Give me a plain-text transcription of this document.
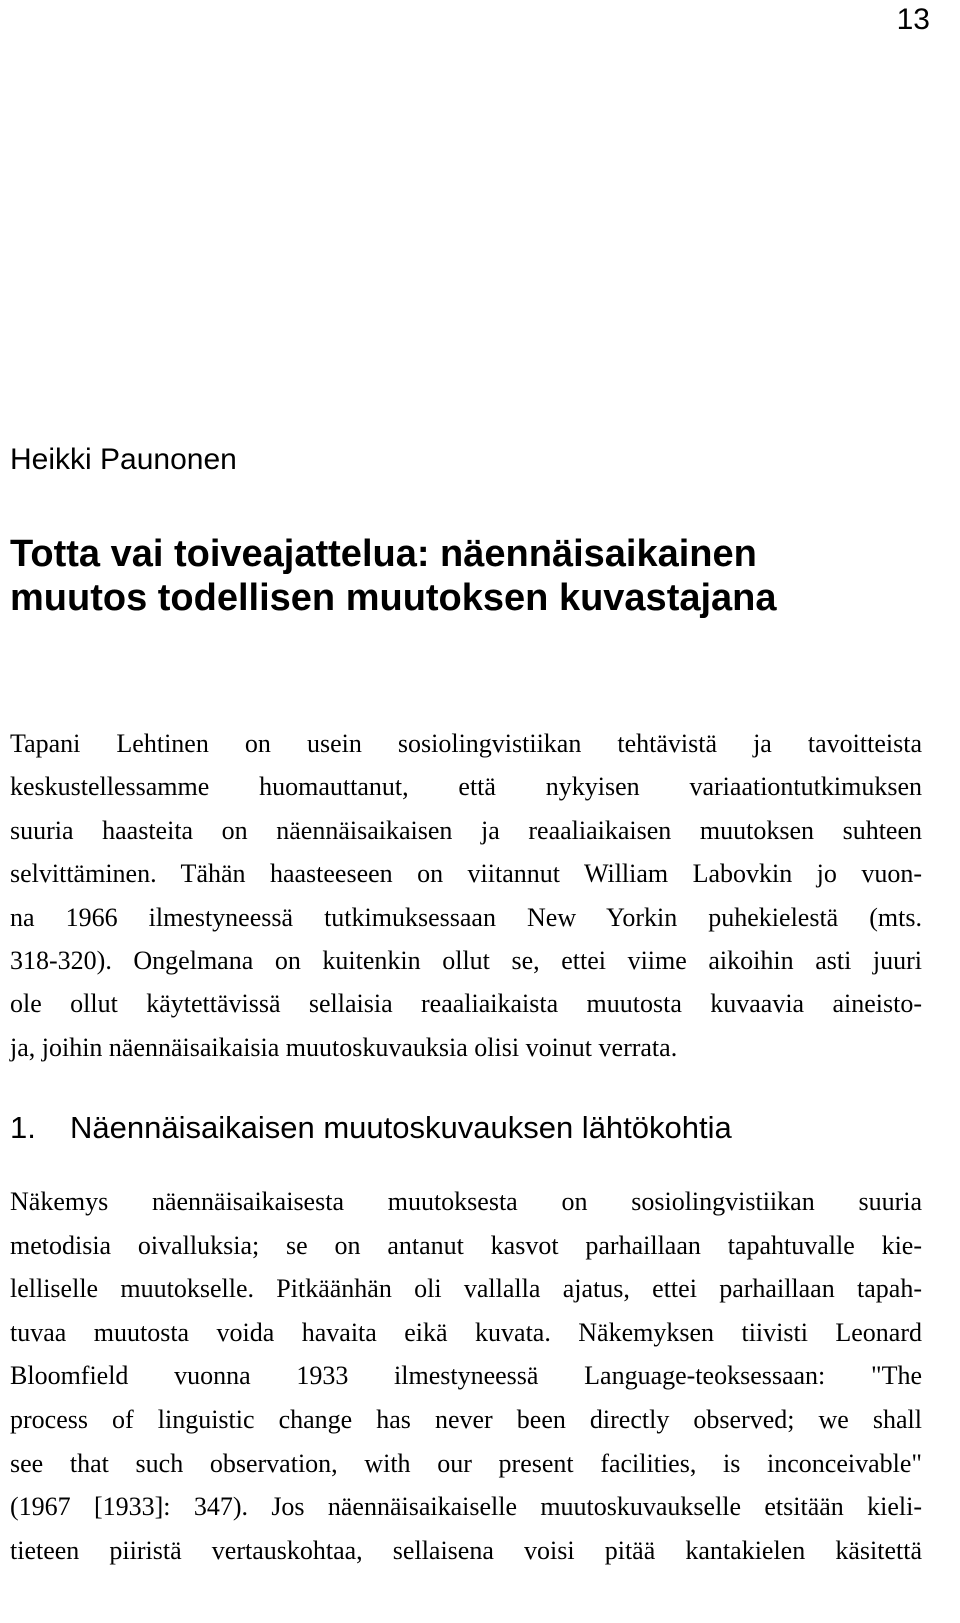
13
Heikki Paunonen
Totta vai toiveajattelua: näennäisaikainen
muutos todellisen muutoksen kuvastajana
Tapani Lehtinen on usein sosiolingvistiikan tehtävistä ja tavoitteista
keskustellessamme huomauttanut, että nykyisen variaationtutkimuksen
suuria haasteita on näennäisaikaisen ja reaaliaikaisen muutoksen suhteen
selvittäminen. Tähän haasteeseen on viitannut William Labovkin jo vuon-
na 1966 ilmestyneessä tutkimuksessaan New Yorkin puhekielestä (mts.
318-320). Ongelmana on kuitenkin ollut se, ettei viime aikoihin asti juuri
ole ollut käytettävissä sellaisia reaaliaikaista muutosta kuvaavia aineisto-
ja, joihin näennäisaikaisia muutoskuvauksia olisi voinut verrata.
1. Näennäisaikaisen muutoskuvauksen lähtökohtia
Näkemys näennäisaikaisesta muutoksesta on sosiolingvistiikan suuria
metodisia oivalluksia; se on antanut kasvot parhaillaan tapahtuvalle kie-
lelliselle muutokselle. Pitkäänhän oli vallalla ajatus, ettei parhaillaan tapah-
tuvaa muutosta voida havaita eikä kuvata. Näkemyksen tiivisti Leonard
Bloomfield vuonna 1933 ilmestyneessä Language-teoksessaan: "The
process of linguistic change has never been directly observed; we shall
see that such observation, with our present facilities, is inconceivable"
(1967 [1933]: 347). Jos näennäisaikaiselle muutoskuvaukselle etsitään kieli-
tieteen piiristä vertauskohtaa, sellaisena voisi pitää kantakielen käsitettä
